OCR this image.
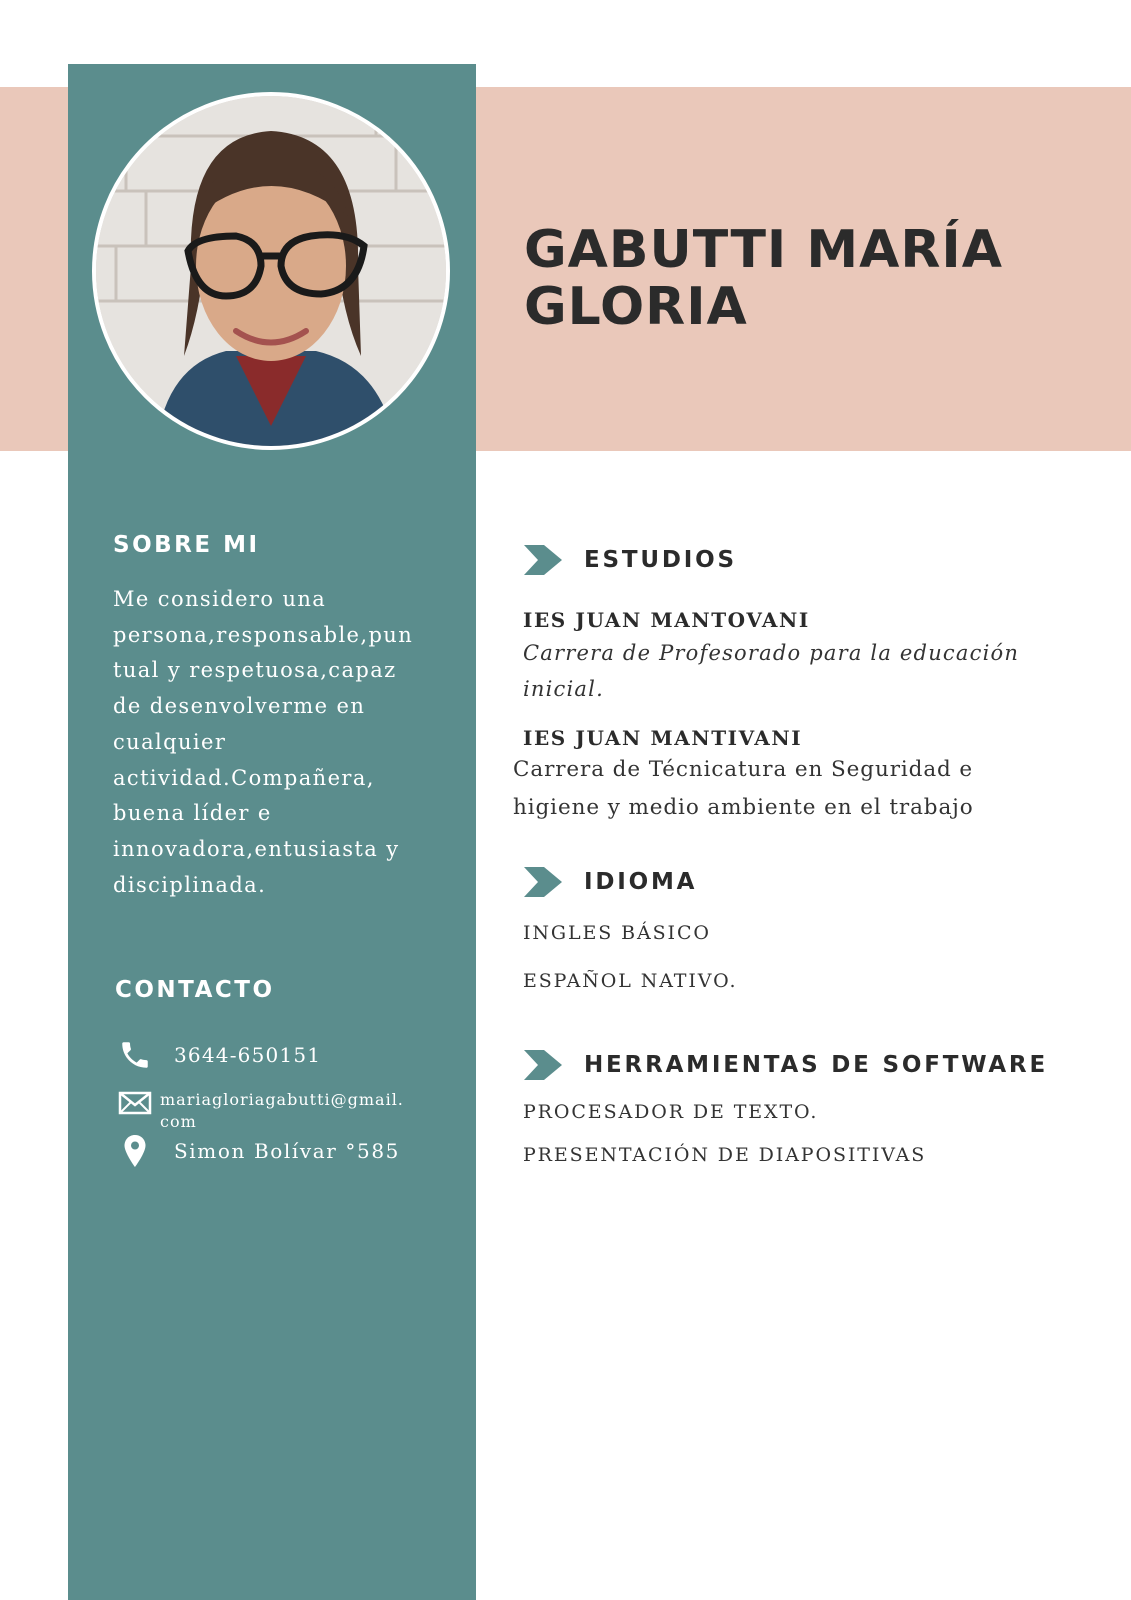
GABUTTI MARÍA
GLORIA
SOBRE MI

Me considero una
persona,responsable,pun
tual y respetuosa,capaz
de desenvolverme en
cualquier
actividad.Compañera,
buena líder e
innovadora,entusiasta y
disciplinada.

CONTACTO
3644-650151
mariagloriagabutti@gmail.com
Simon Bolívar °585
ESTUDIOS

IES JUAN MANTOVANI

Carrera de Profesorado para la educación
inicial.

IES JUAN MANTIVANI

Carrera de Técnicatura en Seguridad e
higiene y medio ambiente en el trabajo

IDIOMA

INGLES BÁSICO

ESPAÑOL NATIVO.

HERRAMIENTAS DE SOFTWARE

PROCESADOR DE TEXTO.

PRESENTACIÓN DE DIAPOSITIVAS
